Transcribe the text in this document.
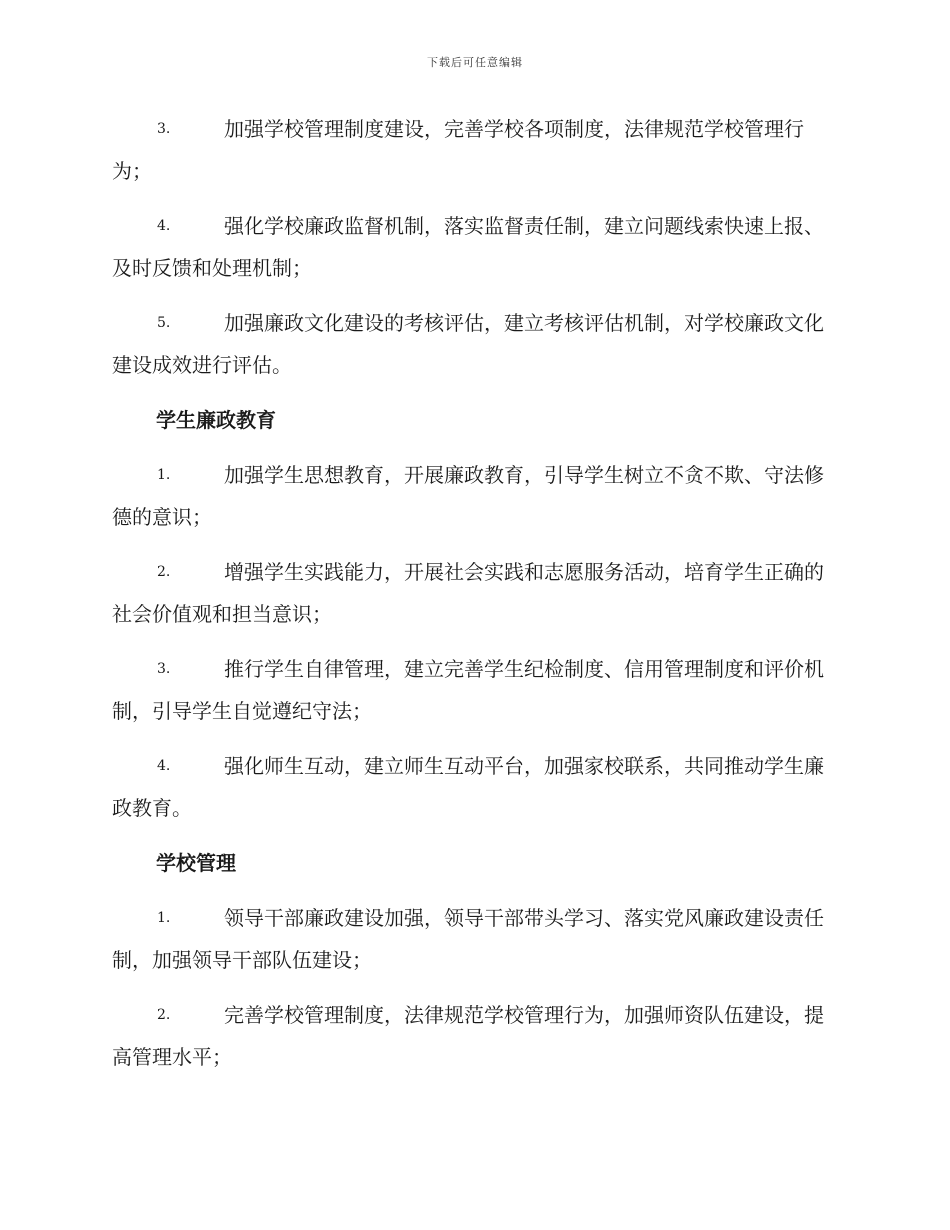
下载后可任意编辑
3.	加强学校管理制度建设，完善学校各项制度，法律规范学校管理行为；
4.	强化学校廉政监督机制，落实监督责任制，建立问题线索快速上报、及时反馈和处理机制；
5.	加强廉政文化建设的考核评估，建立考核评估机制，对学校廉政文化建设成效进行评估。
学生廉政教育
1.	加强学生思想教育，开展廉政教育，引导学生树立不贪不欺、守法修德的意识；
2.	增强学生实践能力，开展社会实践和志愿服务活动，培育学生正确的社会价值观和担当意识；
3.	推行学生自律管理，建立完善学生纪检制度、信用管理制度和评价机制，引导学生自觉遵纪守法；
4.	强化师生互动，建立师生互动平台，加强家校联系，共同推动学生廉政教育。
学校管理
1.	领导干部廉政建设加强，领导干部带头学习、落实党风廉政建设责任制，加强领导干部队伍建设；
2.	完善学校管理制度，法律规范学校管理行为，加强师资队伍建设，提高管理水平；
